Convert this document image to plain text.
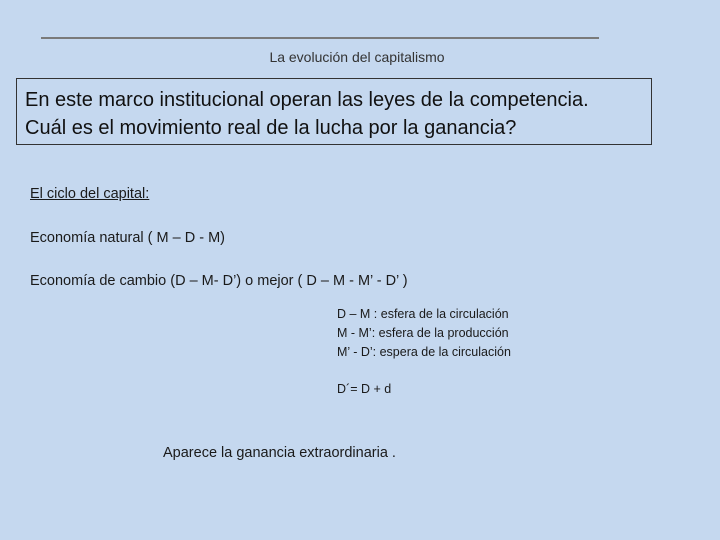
La evolución del capitalismo
En este marco institucional operan las leyes de la competencia.
Cuál es el movimiento real de la lucha por la ganancia?
El ciclo del capital:
Economía natural ( M – D - M)
Economía de cambio (D – M- D’) o mejor ( D – M - M’ - D’ )
D – M : esfera de la circulación
M - M’: esfera de la producción
M’ - D’: espera de la circulación
D´= D + d
Aparece la ganancia extraordinaria .
